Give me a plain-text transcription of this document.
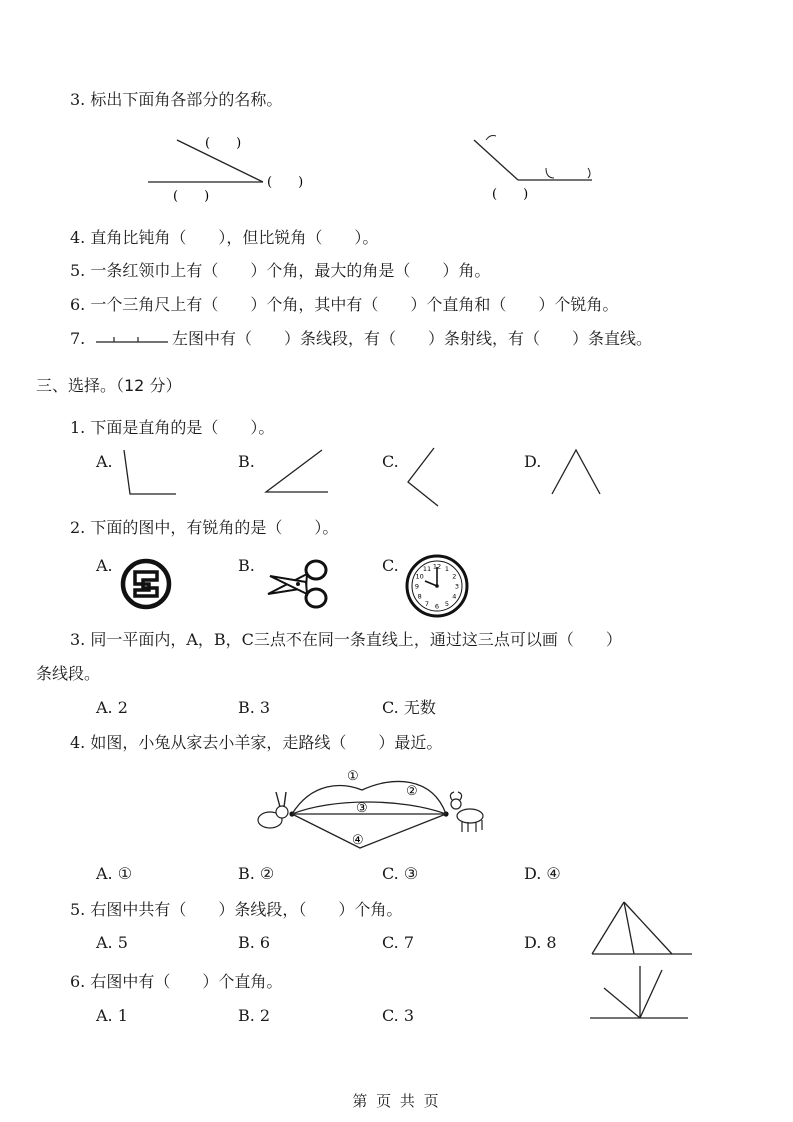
3. 标出下面角各部分的名称。
(　　)
(　　)
(　　)
(　　)
4. 直角比钝角（　　），但比锐角（　　）。
5. 一条红领巾上有（　　）个角，最大的角是（　　）角。
6. 一个三角尺上有（　　）个角，其中有（　　）个直角和（　　）个锐角。
7.	左图中有（　　）条线段，有（　　）条射线，有（　　）条直线。
三、选择。（12 分）
1. 下面是直角的是（　　）。
A.	B.	C.	D.
2. 下面的图中，有锐角的是（　　）。
A.	B.	C.	12 1
2
3
4
5
6
7
8
9
10
11
3. 同一平面内，A，B，C三点不在同一条直线上，通过这三点可以画（　　）
条线段。
A. 2	B. 3	C. 无数
4. 如图，小兔从家去小羊家，走路线（　　）最近。
①
②
③
④
A. ①	B. ②	C. ③	D. ④
5. 右图中共有（　　）条线段，（　　）个角。
A. 5	B. 6	C. 7	D. 8
6. 右图中有（　　）个直角。
A. 1	B. 2	C. 3
第 页 共 页
